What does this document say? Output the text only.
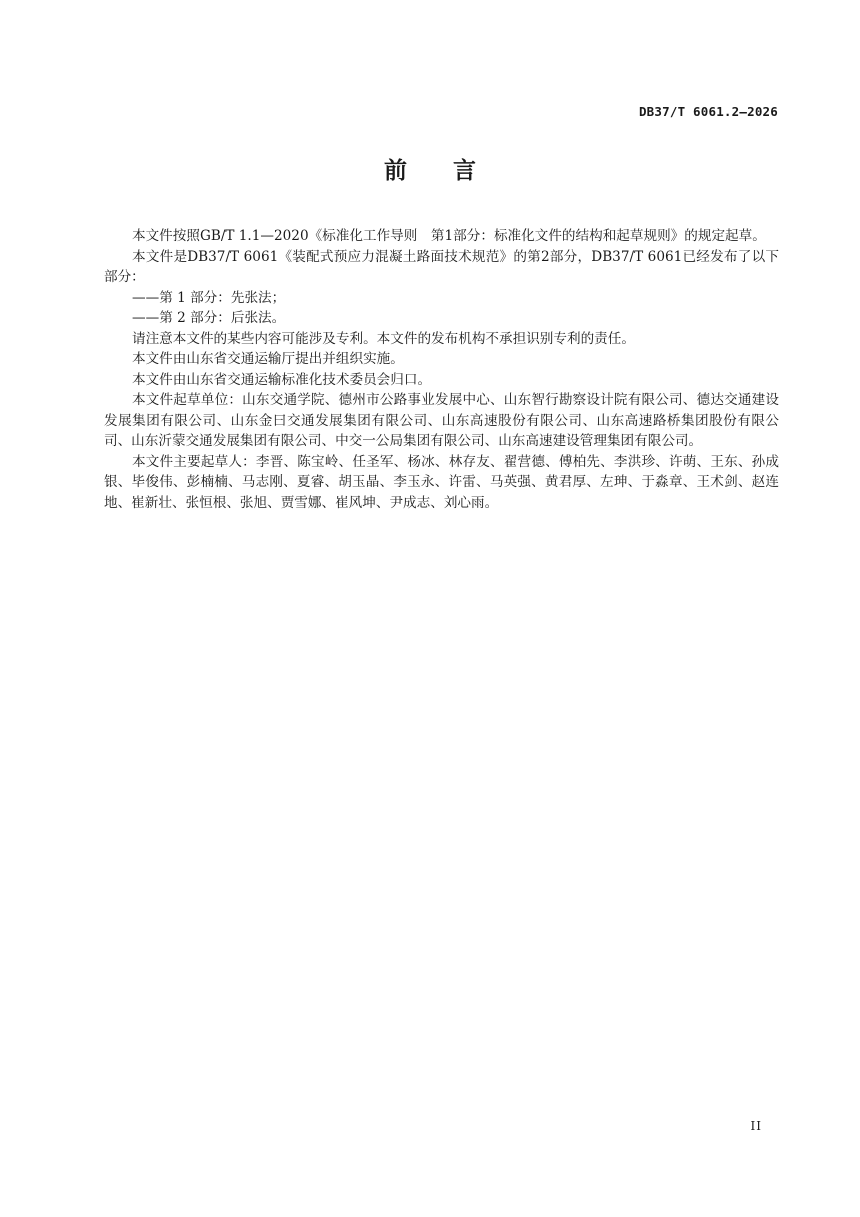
DB37/T 6061.2—2026
前言

本文件按照GB/T 1.1—2020《标准化工作导则　第1部分：标准化文件的结构和起草规则》的规定起草。

本文件是DB37/T 6061《装配式预应力混凝土路面技术规范》的第2部分，DB37/T 6061已经发布了以下部分：

——第 1 部分：先张法；

——第 2 部分：后张法。

请注意本文件的某些内容可能涉及专利。本文件的发布机构不承担识别专利的责任。

本文件由山东省交通运输厅提出并组织实施。

本文件由山东省交通运输标准化技术委员会归口。

本文件起草单位：山东交通学院、德州市公路事业发展中心、山东智行勘察设计院有限公司、德达交通建设发展集团有限公司、山东金曰交通发展集团有限公司、山东高速股份有限公司、山东高速路桥集团股份有限公司、山东沂蒙交通发展集团有限公司、中交一公局集团有限公司、山东高速建设管理集团有限公司。

本文件主要起草人：李晋、陈宝岭、任圣军、杨冰、林存友、翟营德、傅柏先、李洪珍、许萌、王东、孙成银、毕俊伟、彭楠楠、马志刚、夏睿、胡玉晶、李玉永、许雷、马英强、黄君厚、左珅、于淼章、王术剑、赵连地、崔新壮、张恒根、张旭、贾雪娜、崔风坤、尹成志、刘心雨。

II
